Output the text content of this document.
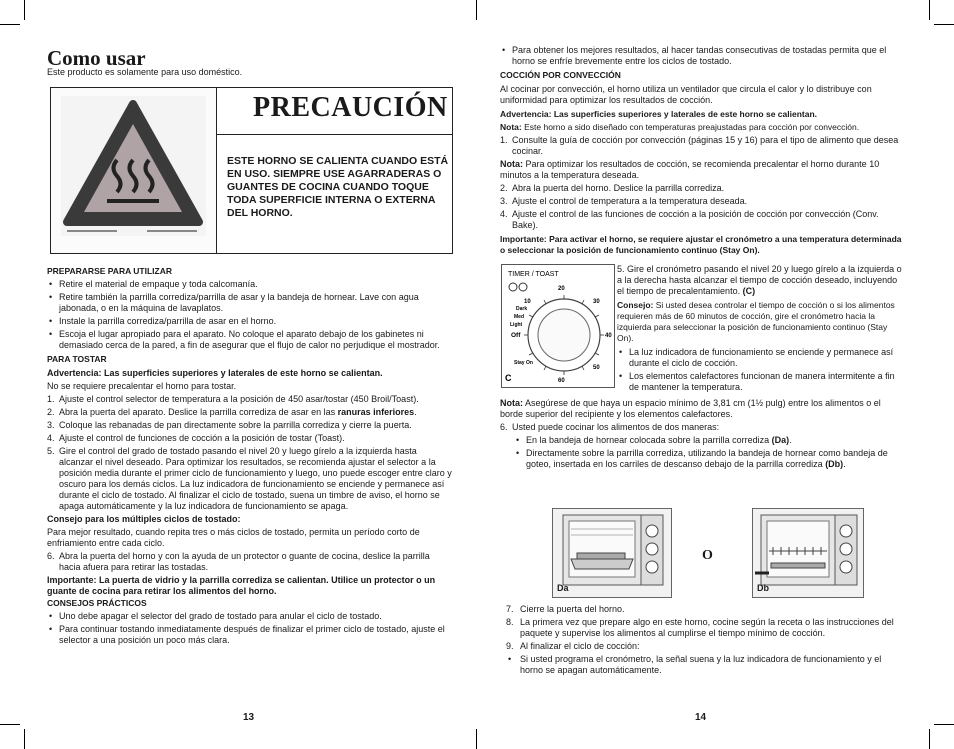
Como usar
Este producto es solamente para uso doméstico.
PRECAUCIÓN
ESTE HORNO SE CALIENTA CUANDO ESTÁ EN USO. SIEMPRE USE AGARRADERAS O GUANTES DE COCINA CUANDO TOQUE TODA SUPERFICIE INTERNA O EXTERNA DEL HORNO.
PREPARARSE PARA UTILIZAR
• Retire el material de empaque y toda calcomanía.
• Retire también la parrilla corrediza/parrilla de asar y la bandeja de hornear. Lave con agua jabonada, o en la máquina de lavaplatos.
• Instale la parrilla corrediza/parrilla de asar en el horno.
• Escoja el lugar apropiado para el aparato. No coloque el aparato debajo de los gabinetes ni demasiado cerca de la pared, a fin de asegurar que el flujo de calor no perjudique el mostrador.
PARA TOSTAR
Advertencia: Las superficies superiores y laterales de este horno se calientan.
No se requiere precalentar el horno para tostar.
1. Ajuste el control selector de temperatura a la posición de 450 asar/tostar (450 Broil/Toast).
2. Abra la puerta del aparato. Deslice la parrilla corrediza de asar en las ranuras inferiores.
3. Coloque las rebanadas de pan directamente sobre la parrilla corrediza y cierre la puerta.
4. Ajuste el control de funciones de cocción a la posición de tostar (Toast).
5. Gire el control del grado de tostado pasando el nivel 20 y luego gírelo a la izquierda hasta alcanzar el nivel deseado. Para optimizar los resultados, se recomienda ajustar el selector a la posición media durante el primer ciclo de funcionamiento y luego, uno puede escoger entre claro y oscuro para los demás ciclos. La luz indicadora de funcionamiento se enciende y permanece así durante el ciclo de tostado. Al finalizar el ciclo de tostado, suena un timbre de aviso, el horno se apaga automáticamente y la luz indicadora de funcionamiento se apaga.
Consejo para los múltiples ciclos de tostado:
Para mejor resultado, cuando repita tres o más ciclos de tostado, permita un período corto de enfriamiento entre cada ciclo.
6. Abra la puerta del horno y con la ayuda de un protector o guante de cocina, deslice la parrilla hacia afuera para retirar las tostadas.
Importante: La puerta de vidrio y la parrilla corrediza se calientan. Utilice un protector o un guante de cocina para retirar los alimentos del horno.
CONSEJOS PRÁCTICOS
• Uno debe apagar el selector del grado de tostado para anular el ciclo de tostado.
• Para continuar tostando inmediatamente después de finalizar el primer ciclo de tostado, ajuste el selector a una posición un poco más clara.
13
• Para obtener los mejores resultados, al hacer tandas consecutivas de tostadas permita que el horno se enfríe brevemente entre los ciclos de tostado.
COCCIÓN POR CONVECCIÓN
Al cocinar por convección, el horno utiliza un ventilador que circula el calor y lo distribuye con uniformidad para optimizar los resultados de cocción.
Advertencia: Las superficies superiores y laterales de este horno se calientan.
Nota: Este horno a sido diseñado con temperaturas preajustadas para cocción por convección.
1. Consulte la guía de cocción por convección (páginas 15 y 16) para el tipo de alimento que desea cocinar.
Nota: Para optimizar los resultados de cocción, se recomienda precalentar el horno durante 10 minutos a la temperatura deseada.
2. Abra la puerta del horno. Deslice la parrilla corrediza.
3. Ajuste el control de temperatura a la temperatura deseada.
4. Ajuste el control de las funciones de cocción a la posición de cocción por convección (Conv. Bake).
Importante: Para activar el horno, se requiere ajustar el cronómetro a una temperatura determinada o seleccionar la posición de funcionamiento continuo (Stay On).
TIMER / TOAST
Dark
Med
Light
Off
Stay On
10
20
30
40
50
60
C
5. Gire el cronómetro pasando el nivel 20 y luego gírelo a la izquierda o a la derecha hasta alcanzar el tiempo de cocción deseado, incluyendo el tiempo de precalentamiento. (C)
Consejo: Si usted desea controlar el tiempo de cocción o si los alimentos requieren más de 60 minutos de cocción, gire el cronómetro hacia la izquierda para seleccionar la posición de funcionamiento continuo (Stay On).
• La luz indicadora de funcionamiento se enciende y permanece así durante el ciclo de cocción.
• Los elementos calefactores funcionan de manera intermitente a fin de mantener la temperatura.
Nota: Asegúrese de que haya un espacio mínimo de 3,81 cm (1½ pulg) entre los alimentos o el borde superior del recipiente y los elementos calefactores.
6. Usted puede cocinar los alimentos de dos maneras:
• En la bandeja de hornear colocada sobre la parrilla corrediza (Da).
• Directamente sobre la parrilla corrediza, utilizando la bandeja de hornear como bandeja de goteo, insertada en los carriles de descanso debajo de la parrilla corrediza (Db).
Da
O
Db
7. Cierre la puerta del horno.
8. La primera vez que prepare algo en este horno, cocine según la receta o las instrucciones del paquete y supervise los alimentos al cumplirse el tiempo mínimo de cocción.
9. Al finalizar el ciclo de cocción:
• Si usted programa el cronómetro, la señal suena y la luz indicadora de funcionamiento y el horno se apagan automáticamente.
14
